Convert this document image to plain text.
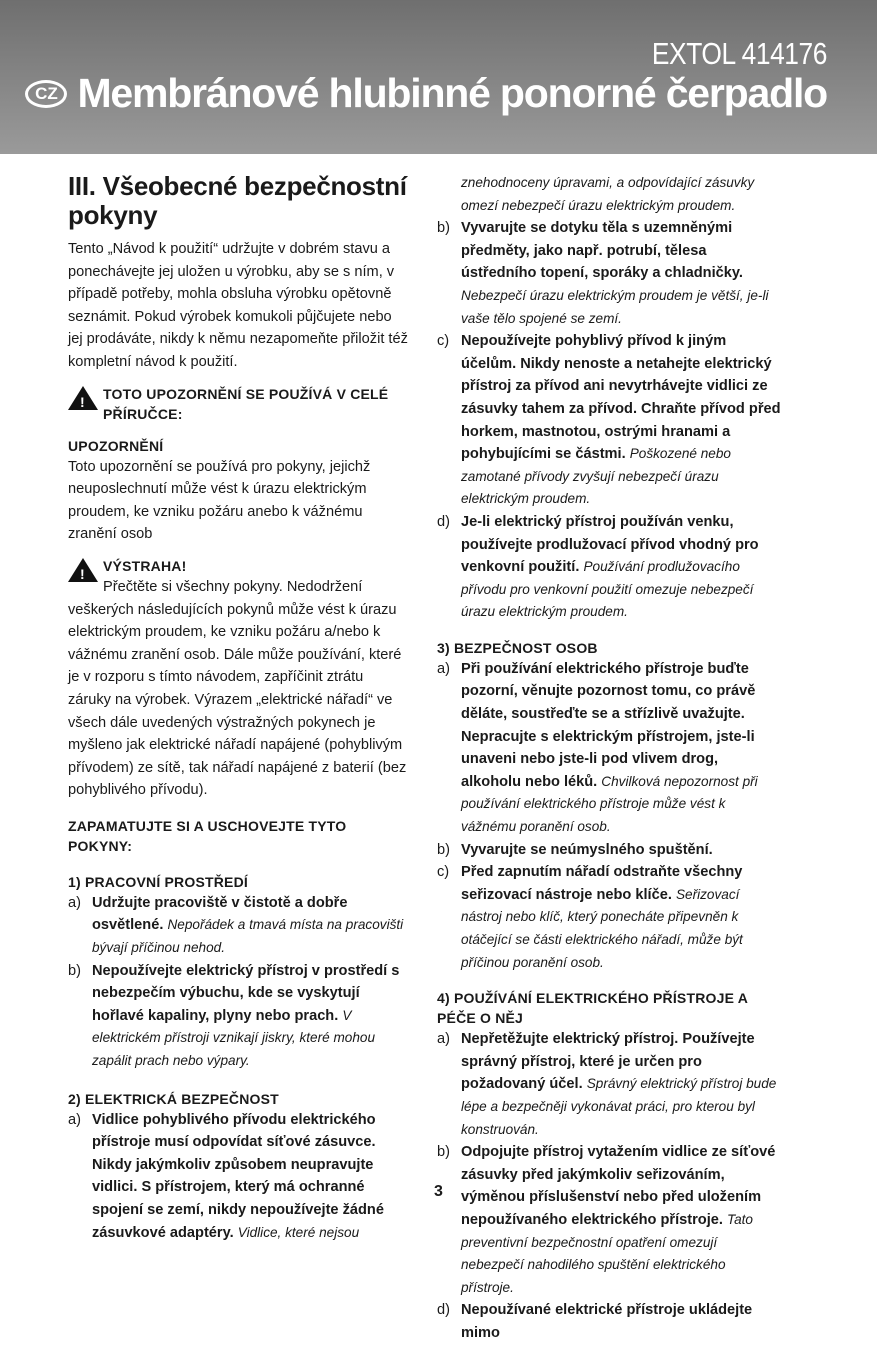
EXTOL 414176
CZ Membránové hlubinné ponorné čerpadlo
III. Všeobecné bezpečnostní pokyny

Tento „Návod k použití“ udržujte v dobrém stavu a ponechávejte jej uložen u výrobku, aby se s ním, v případě potřeby, mohla obsluha výrobku opětovně seznámit. Pokud výrobek komukoli půjčujete nebo jej prodáváte, nikdy k němu nezapomeňte přiložit též kompletní návod k použití.

! TOTO UPOZORNĚNÍ SE POUŽÍVÁ V CELÉ PŘÍRUČCE:
UPOZORNĚNÍ

Toto upozornění se používá pro pokyny, jejichž neuposlechnutí může vést k úrazu elektrickým proudem, ke vzniku požáru anebo k vážnému zranění osob

! VÝSTRAHA!

Přečtěte si všechny pokyny. Nedodržení veškerých následujících pokynů může vést k úrazu elektrickým proudem, ke vzniku požáru a/nebo k vážnému zranění osob. Dále může používání, které je v rozporu s tímto návodem, zapříčinit ztrátu záruky na výrobek. Výrazem „elektrické nářadí“ ve všech dále uvedených výstražných pokynech je myšleno jak elektrické nářadí napájené (pohyblivým přívodem) ze sítě, tak nářadí napájené z baterií (bez pohyblivého přívodu).

ZAPAMATUJTE SI A USCHOVEJTE TYTO POKYNY:
1) PRACOVNÍ PROSTŘEDÍ
a) Udržujte pracoviště v čistotě a dobře osvětlené. Nepořádek a tmavá místa na pracovišti bývají příčinou nehod.
b) Nepoužívejte elektrický přístroj v prostředí s nebezpečím výbuchu, kde se vyskytují hořlavé kapaliny, plyny nebo prach. V elektrickém přístroji vznikají jiskry, které mohou zapálit prach nebo výpary.
2) ELEKTRICKÁ BEZPEČNOST
a) Vidlice pohyblivého přívodu elektrického přístroje musí odpovídat síťové zásuvce. Nikdy jakýmkoliv způsobem neupravujte vidlici. S přístrojem, který má ochranné spojení se zemí, nikdy nepoužívejte žádné zásuvkové adaptéry. Vidlice, které nejsou

znehodnoceny úpravami, a odpovídající zásuvky omezí nebezpečí úrazu elektrickým proudem.

b) Vyvarujte se dotyku těla s uzemněnými předměty, jako např. potrubí, tělesa ústředního topení, sporáky a chladničky. Nebezpečí úrazu elektrickým proudem je větší, je-li vaše tělo spojené se zemí.
c) Nepoužívejte pohyblivý přívod k jiným účelům. Nikdy nenoste a netahejte elektrický přístroj za přívod ani nevytrhávejte vidlici ze zásuvky tahem za přívod. Chraňte přívod před horkem, mastnotou, ostrými hranami a pohybujícími se částmi. Poškozené nebo zamotané přívody zvyšují nebezpečí úrazu elektrickým proudem.
d) Je-li elektrický přístroj používán venku, používejte prodlužovací přívod vhodný pro venkovní použití. Používání prodlužovacího přívodu pro venkovní použití omezuje nebezpečí úrazu elektrickým proudem.
3) BEZPEČNOST OSOB
a) Při používání elektrického přístroje buďte pozorní, věnujte pozornost tomu, co právě děláte, soustřeďte se a střízlivě uvažujte. Nepracujte s elektrickým přístrojem, jste-li unaveni nebo jste-li pod vlivem drog, alkoholu nebo léků. Chvilková nepozornost při používání elektrického přístroje může vést k vážnému poranění osob.
b) Vyvarujte se neúmyslného spuštění.
c) Před zapnutím nářadí odstraňte všechny seřizovací nástroje nebo klíče. Seřizovací nástroj nebo klíč, který ponecháte připevněn k otáčející se části elektrického nářadí, může být příčinou poranění osob.
4) POUŽÍVÁNÍ ELEKTRICKÉHO PŘÍSTROJE A PÉČE O NĚJ
a) Nepřetěžujte elektrický přístroj. Používejte správný přístroj, které je určen pro požadovaný účel. Správný elektrický přístroj bude lépe a bezpečněji vykonávat práci, pro kterou byl konstruován.
b) Odpojujte přístroj vytažením vidlice ze síťové zásuvky před jakýmkoliv seřizováním, výměnou příslušenství nebo před uložením nepoužívaného elektrického přístroje. Tato preventivní bezpečnostní opatření omezují nebezpečí nahodilého spuštění elektrického přístroje.
d) Nepoužívané elektrické přístroje ukládejte mimo
3
